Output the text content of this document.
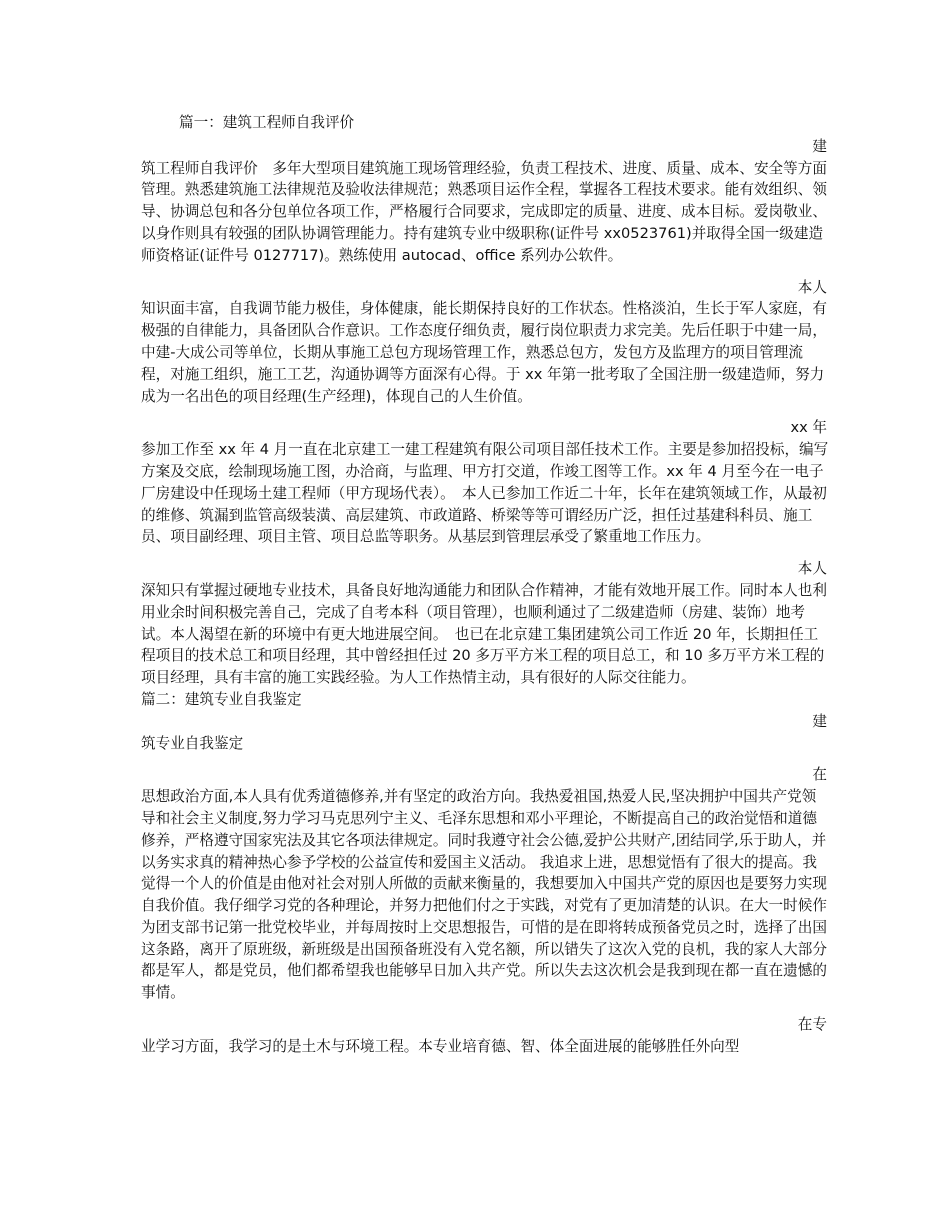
篇一：建筑工程师自我评价
建

筑工程师自我评价　多年大型项目建筑施工现场管理经验，负责工程技术、进度、质量、成本、安全等方面管理。熟悉建筑施工法律规范及验收法律规范；熟悉项目运作全程，掌握各工程技术要求。能有效组织、领导、协调总包和各分包单位各项工作，严格履行合同要求，完成即定的质量、进度、成本目标。爱岗敬业、以身作则具有较强的团队协调管理能力。持有建筑专业中级职称(证件号 xx0523761)并取得全国一级建造师资格证(证件号 0127717)。熟练使用 autocad、office 系列办公软件。

本人

知识面丰富，自我调节能力极佳，身体健康，能长期保持良好的工作状态。性格淡泊，生长于军人家庭，有极强的自律能力，具备团队合作意识。工作态度仔细负责，履行岗位职责力求完美。先后任职于中建一局，中建-大成公司等单位，长期从事施工总包方现场管理工作，熟悉总包方，发包方及监理方的项目管理流程，对施工组织，施工工艺，沟通协调等方面深有心得。于 xx 年第一批考取了全国注册一级建造师，努力成为一名出色的项目经理(生产经理)，体现自己的人生价值。

xx 年

参加工作至 xx 年 4 月一直在北京建工一建工程建筑有限公司项目部任技术工作。主要是参加招投标，编写方案及交底，绘制现场施工图，办洽商，与监理、甲方打交道，作竣工图等工作。xx 年 4 月至今在一电子厂房建设中任现场土建工程师（甲方现场代表）。　本人已参加工作近二十年，长年在建筑领域工作，从最初的维修、筑漏到监管高级装潢、高层建筑、市政道路、桥梁等等可谓经历广泛，担任过基建科科员、施工员、项目副经理、项目主管、项目总监等职务。从基层到管理层承受了繁重地工作压力。

本人

深知只有掌握过硬地专业技术，具备良好地沟通能力和团队合作精神，才能有效地开展工作。同时本人也利用业余时间积极完善自己，完成了自考本科（项目管理），也顺利通过了二级建造师（房建、装饰）地考试。本人渴望在新的环境中有更大地进展空间。　也已在北京建工集团建筑公司工作近 20 年，长期担任工程项目的技术总工和项目经理，其中曾经担任过 20 多万平方米工程的项目总工，和 10 多万平方米工程的项目经理，具有丰富的施工实践经验。为人工作热情主动，具有很好的人际交往能力。

篇二：建筑专业自我鉴定
建
筑专业自我鉴定
在

思想政治方面,本人具有优秀道德修养,并有坚定的政治方向。我热爱祖国,热爱人民,坚决拥护中国共产党领导和社会主义制度,努力学习马克思列宁主义、毛泽东思想和邓小平理论，不断提高自己的政治觉悟和道德修养，严格遵守国家宪法及其它各项法律规定。同时我遵守社会公德,爱护公共财产,团结同学,乐于助人，并以务实求真的精神热心参予学校的公益宣传和爱国主义活动。 我追求上进，思想觉悟有了很大的提高。我觉得一个人的价值是由他对社会对别人所做的贡献来衡量的，我想要加入中国共产党的原因也是要努力实现自我价值。我仔细学习党的各种理论，并努力把他们付之于实践，对党有了更加清楚的认识。在大一时候作为团支部书记第一批党校毕业，并每周按时上交思想报告，可惜的是在即将转成预备党员之时，选择了出国这条路，离开了原班级，新班级是出国预备班没有入党名额，所以错失了这次入党的良机，我的家人大部分都是军人，都是党员，他们都希望我也能够早日加入共产党。所以失去这次机会是我到现在都一直在遗憾的事情。

在专

业学习方面，我学习的是土木与环境工程。本专业培育德、智、体全面进展的能够胜任外向型
